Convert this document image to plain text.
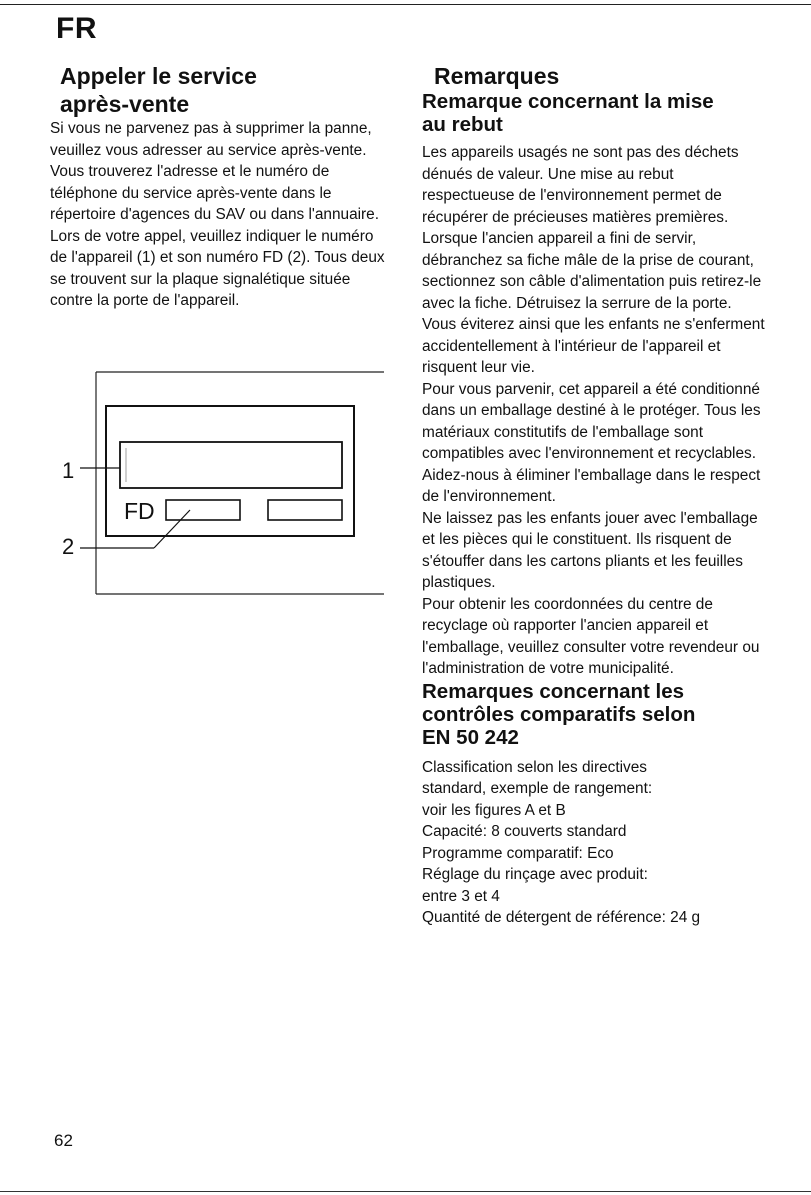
FR
Appeler le service
après-vente

Si vous ne parvenez pas à supprimer la panne, veuillez vous adresser au service après-vente. Vous trouverez l'adresse et le numéro de téléphone du service après-vente dans le répertoire d'agences du SAV ou dans l'annuaire. Lors de votre appel, veuillez indiquer le numéro de l'appareil (1) et son numéro FD (2). Tous deux se trouvent sur la plaque signalétique située contre la porte de l'appareil.

1
2
FD
Remarques
Remarque concernant la mise
au rebut

Les appareils usagés ne sont pas des déchets dénués de valeur. Une mise au rebut respectueuse de l'environnement permet de récupérer de précieuses matières premières.

Lorsque l'ancien appareil a fini de servir, débranchez sa fiche mâle de la prise de courant, sectionnez son câble d'alimentation puis retirez-le avec la fiche. Détruisez la serrure de la porte. Vous éviterez ainsi que les enfants ne s'enferment accidentellement à l'intérieur de l'appareil et risquent leur vie.

Pour vous parvenir, cet appareil a été conditionné dans un emballage destiné à le protéger. Tous les matériaux constitutifs de l'emballage sont compatibles avec l'environnement et recyclables. Aidez-nous à éliminer l'emballage dans le respect de l'environnement.

Ne laissez pas les enfants jouer avec l'emballage et les pièces qui le constituent. Ils risquent de s'étouffer dans les cartons pliants et les feuilles plastiques.

Pour obtenir les coordonnées du centre de recyclage où rapporter l'ancien appareil et l'emballage, veuillez consulter votre revendeur ou l'administration de votre municipalité.

Remarques concernant les
contrôles comparatifs selon
EN 50 242

Classification selon les directives

standard, exemple de rangement:

voir les figures A et B

Capacité: 8 couverts standard

Programme comparatif: Eco

Réglage du rinçage avec produit:

entre 3 et 4

Quantité de détergent de référence: 24 g

62
